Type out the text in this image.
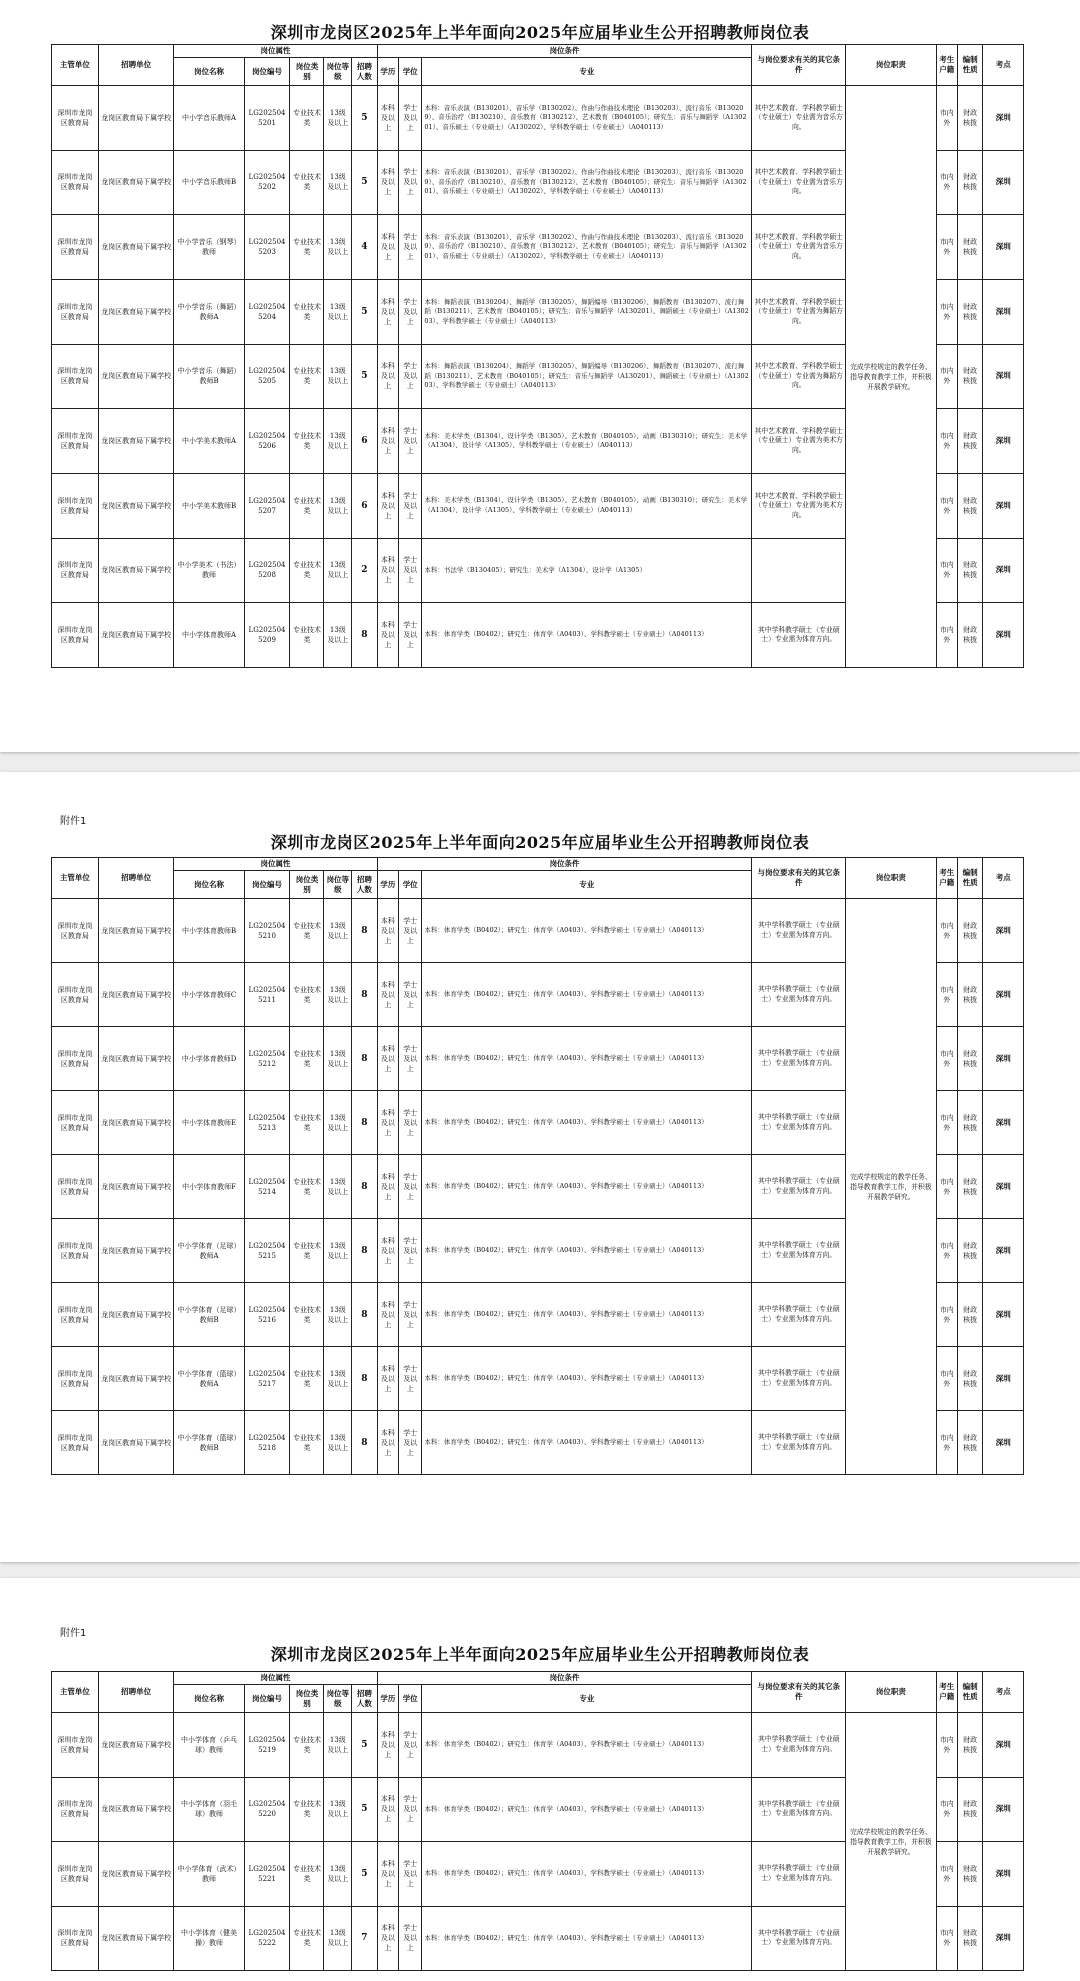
深圳市龙岗区2025年上半年面向2025年应届毕业生公开招聘教师岗位表
主管单位	招聘单位	岗位属性					岗位条件			与岗位要求有关的其它条件	岗位职责	考生户籍	编制性质	考点
		岗位名称	岗位编号	岗位类别	岗位等级	招聘人数	学历	学位	专业					
深圳市龙岗区教育局	龙岗区教育局下属学校	中小学音乐教师A	LG2025045201	专业技术类	13级及以上	5	本科及以上	学士及以上	本科：音乐表演（B130201）、音乐学（B130202）、作曲与作曲技术理论（B130203）、流行音乐（B130209）、音乐治疗（B130210）、音乐教育（B130212）、艺术教育（B040105）；研究生：音乐与舞蹈学（A130201）、音乐硕士（专业硕士）（A130202）、学科教学硕士（专业硕士）（A040113）	其中艺术教育、学科教学硕士（专业硕士）专业需为音乐方向。	完成学校规定的教学任务、指导教育教学工作，并积极开展教学研究。	市内外	财政核拨	深圳
深圳市龙岗区教育局	龙岗区教育局下属学校	中小学音乐教师B	LG2025045202	专业技术类	13级及以上	5	本科及以上	学士及以上	本科：音乐表演（B130201）、音乐学（B130202）、作曲与作曲技术理论（B130203）、流行音乐（B130209）、音乐治疗（B130210）、音乐教育（B130212）、艺术教育（B040105）；研究生：音乐与舞蹈学（A130201）、音乐硕士（专业硕士）（A130202）、学科教学硕士（专业硕士）（A040113）	其中艺术教育、学科教学硕士（专业硕士）专业需为音乐方向。		市内外	财政核拨	深圳
深圳市龙岗区教育局	龙岗区教育局下属学校	中小学音乐（钢琴）教师	LG2025045203	专业技术类	13级及以上	4	本科及以上	学士及以上	本科：音乐表演（B130201）、音乐学（B130202）、作曲与作曲技术理论（B130203）、流行音乐（B130209）、音乐治疗（B130210）、音乐教育（B130212）、艺术教育（B040105）；研究生：音乐与舞蹈学（A130201）、音乐硕士（专业硕士）（A130202）、学科教学硕士（专业硕士）（A040113）	其中艺术教育、学科教学硕士（专业硕士）专业需为音乐方向。		市内外	财政核拨	深圳
深圳市龙岗区教育局	龙岗区教育局下属学校	中小学音乐（舞蹈）教师A	LG2025045204	专业技术类	13级及以上	5	本科及以上	学士及以上	本科：舞蹈表演（B130204）、舞蹈学（B130205）、舞蹈编导（B130206）、舞蹈教育（B130207）、流行舞蹈（B130211）、艺术教育（B040105）；研究生：音乐与舞蹈学（A130201）、舞蹈硕士（专业硕士）（A130203）、学科教学硕士（专业硕士）（A040113）	其中艺术教育、学科教学硕士（专业硕士）专业需为舞蹈方向。		市内外	财政核拨	深圳
深圳市龙岗区教育局	龙岗区教育局下属学校	中小学音乐（舞蹈）教师B	LG2025045205	专业技术类	13级及以上	5	本科及以上	学士及以上	本科：舞蹈表演（B130204）、舞蹈学（B130205）、舞蹈编导（B130206）、舞蹈教育（B130207）、流行舞蹈（B130211）、艺术教育（B040105）；研究生：音乐与舞蹈学（A130201）、舞蹈硕士（专业硕士）（A130203）、学科教学硕士（专业硕士）（A040113）	其中艺术教育、学科教学硕士（专业硕士）专业需为舞蹈方向。		市内外	财政核拨	深圳
深圳市龙岗区教育局	龙岗区教育局下属学校	中小学美术教师A	LG2025045206	专业技术类	13级及以上	6	本科及以上	学士及以上	本科：美术学类（B1304）、设计学类（B1305）、艺术教育（B040105）、动画（B130310）；研究生：美术学（A1304）、设计学（A1305）、学科教学硕士（专业硕士）（A040113）	其中艺术教育、学科教学硕士（专业硕士）专业需为美术方向。		市内外	财政核拨	深圳
深圳市龙岗区教育局	龙岗区教育局下属学校	中小学美术教师B	LG2025045207	专业技术类	13级及以上	6	本科及以上	学士及以上	本科：美术学类（B1304）、设计学类（B1305）、艺术教育（B040105）、动画（B130310）；研究生：美术学（A1304）、设计学（A1305）、学科教学硕士（专业硕士）（A040113）	其中艺术教育、学科教学硕士（专业硕士）专业需为美术方向。		市内外	财政核拨	深圳
深圳市龙岗区教育局	龙岗区教育局下属学校	中小学美术（书法）教师	LG2025045208	专业技术类	13级及以上	2	本科及以上	学士及以上	本科：书法学（B130405）；研究生：美术学（A1304）、设计学（A1305）			市内外	财政核拨	深圳
深圳市龙岗区教育局	龙岗区教育局下属学校	中小学体育教师A	LG2025045209	专业技术类	13级及以上	8	本科及以上	学士及以上	本科：体育学类（B0402）；研究生：体育学（A0403）、学科教学硕士（专业硕士）（A040113）	其中学科教学硕士（专业硕士）专业需为体育方向。		市内外	财政核拨	深圳
附件1
深圳市龙岗区2025年上半年面向2025年应届毕业生公开招聘教师岗位表
主管单位	招聘单位	岗位属性					岗位条件			与岗位要求有关的其它条件	岗位职责	考生户籍	编制性质	考点
		岗位名称	岗位编号	岗位类别	岗位等级	招聘人数	学历	学位	专业					
深圳市龙岗区教育局	龙岗区教育局下属学校	中小学体育教师B	LG2025045210	专业技术类	13级及以上	8	本科及以上	学士及以上	本科：体育学类（B0402）；研究生：体育学（A0403）、学科教学硕士（专业硕士）（A040113）	其中学科教学硕士（专业硕士）专业需为体育方向。	完成学校规定的教学任务、指导教育教学工作，并积极开展教学研究。	市内外	财政核拨	深圳
深圳市龙岗区教育局	龙岗区教育局下属学校	中小学体育教师C	LG2025045211	专业技术类	13级及以上	8	本科及以上	学士及以上	本科：体育学类（B0402）；研究生：体育学（A0403）、学科教学硕士（专业硕士）（A040113）	其中学科教学硕士（专业硕士）专业需为体育方向。		市内外	财政核拨	深圳
深圳市龙岗区教育局	龙岗区教育局下属学校	中小学体育教师D	LG2025045212	专业技术类	13级及以上	8	本科及以上	学士及以上	本科：体育学类（B0402）；研究生：体育学（A0403）、学科教学硕士（专业硕士）（A040113）	其中学科教学硕士（专业硕士）专业需为体育方向。		市内外	财政核拨	深圳
深圳市龙岗区教育局	龙岗区教育局下属学校	中小学体育教师E	LG2025045213	专业技术类	13级及以上	8	本科及以上	学士及以上	本科：体育学类（B0402）；研究生：体育学（A0403）、学科教学硕士（专业硕士）（A040113）	其中学科教学硕士（专业硕士）专业需为体育方向。		市内外	财政核拨	深圳
深圳市龙岗区教育局	龙岗区教育局下属学校	中小学体育教师F	LG2025045214	专业技术类	13级及以上	8	本科及以上	学士及以上	本科：体育学类（B0402）；研究生：体育学（A0403）、学科教学硕士（专业硕士）（A040113）	其中学科教学硕士（专业硕士）专业需为体育方向。		市内外	财政核拨	深圳
深圳市龙岗区教育局	龙岗区教育局下属学校	中小学体育（足球）教师A	LG2025045215	专业技术类	13级及以上	8	本科及以上	学士及以上	本科：体育学类（B0402）；研究生：体育学（A0403）、学科教学硕士（专业硕士）（A040113）	其中学科教学硕士（专业硕士）专业需为体育方向。		市内外	财政核拨	深圳
深圳市龙岗区教育局	龙岗区教育局下属学校	中小学体育（足球）教师B	LG2025045216	专业技术类	13级及以上	8	本科及以上	学士及以上	本科：体育学类（B0402）；研究生：体育学（A0403）、学科教学硕士（专业硕士）（A040113）	其中学科教学硕士（专业硕士）专业需为体育方向。		市内外	财政核拨	深圳
深圳市龙岗区教育局	龙岗区教育局下属学校	中小学体育（篮球）教师A	LG2025045217	专业技术类	13级及以上	8	本科及以上	学士及以上	本科：体育学类（B0402）；研究生：体育学（A0403）、学科教学硕士（专业硕士）（A040113）	其中学科教学硕士（专业硕士）专业需为体育方向。		市内外	财政核拨	深圳
深圳市龙岗区教育局	龙岗区教育局下属学校	中小学体育（篮球）教师B	LG2025045218	专业技术类	13级及以上	8	本科及以上	学士及以上	本科：体育学类（B0402）；研究生：体育学（A0403）、学科教学硕士（专业硕士）（A040113）	其中学科教学硕士（专业硕士）专业需为体育方向。		市内外	财政核拨	深圳
附件1
深圳市龙岗区2025年上半年面向2025年应届毕业生公开招聘教师岗位表
主管单位	招聘单位	岗位属性					岗位条件			与岗位要求有关的其它条件	岗位职责	考生户籍	编制性质	考点
		岗位名称	岗位编号	岗位类别	岗位等级	招聘人数	学历	学位	专业					
深圳市龙岗区教育局	龙岗区教育局下属学校	中小学体育（乒乓球）教师	LG2025045219	专业技术类	13级及以上	5	本科及以上	学士及以上	本科：体育学类（B0402）；研究生：体育学（A0403）、学科教学硕士（专业硕士）（A040113）	其中学科教学硕士（专业硕士）专业需为体育方向。	完成学校规定的教学任务、指导教育教学工作，并积极开展教学研究。	市内外	财政核拨	深圳
深圳市龙岗区教育局	龙岗区教育局下属学校	中小学体育（羽毛球）教师	LG2025045220	专业技术类	13级及以上	5	本科及以上	学士及以上	本科：体育学类（B0402）；研究生：体育学（A0403）、学科教学硕士（专业硕士）（A040113）	其中学科教学硕士（专业硕士）专业需为体育方向。		市内外	财政核拨	深圳
深圳市龙岗区教育局	龙岗区教育局下属学校	中小学体育（武术）教师	LG2025045221	专业技术类	13级及以上	5	本科及以上	学士及以上	本科：体育学类（B0402）；研究生：体育学（A0403）、学科教学硕士（专业硕士）（A040113）	其中学科教学硕士（专业硕士）专业需为体育方向。		市内外	财政核拨	深圳
深圳市龙岗区教育局	龙岗区教育局下属学校	中小学体育（健美操）教师	LG2025045222	专业技术类	13级及以上	7	本科及以上	学士及以上	本科：体育学类（B0402）；研究生：体育学（A0403）、学科教学硕士（专业硕士）（A040113）	其中学科教学硕士（专业硕士）专业需为体育方向。		市内外	财政核拨	深圳
